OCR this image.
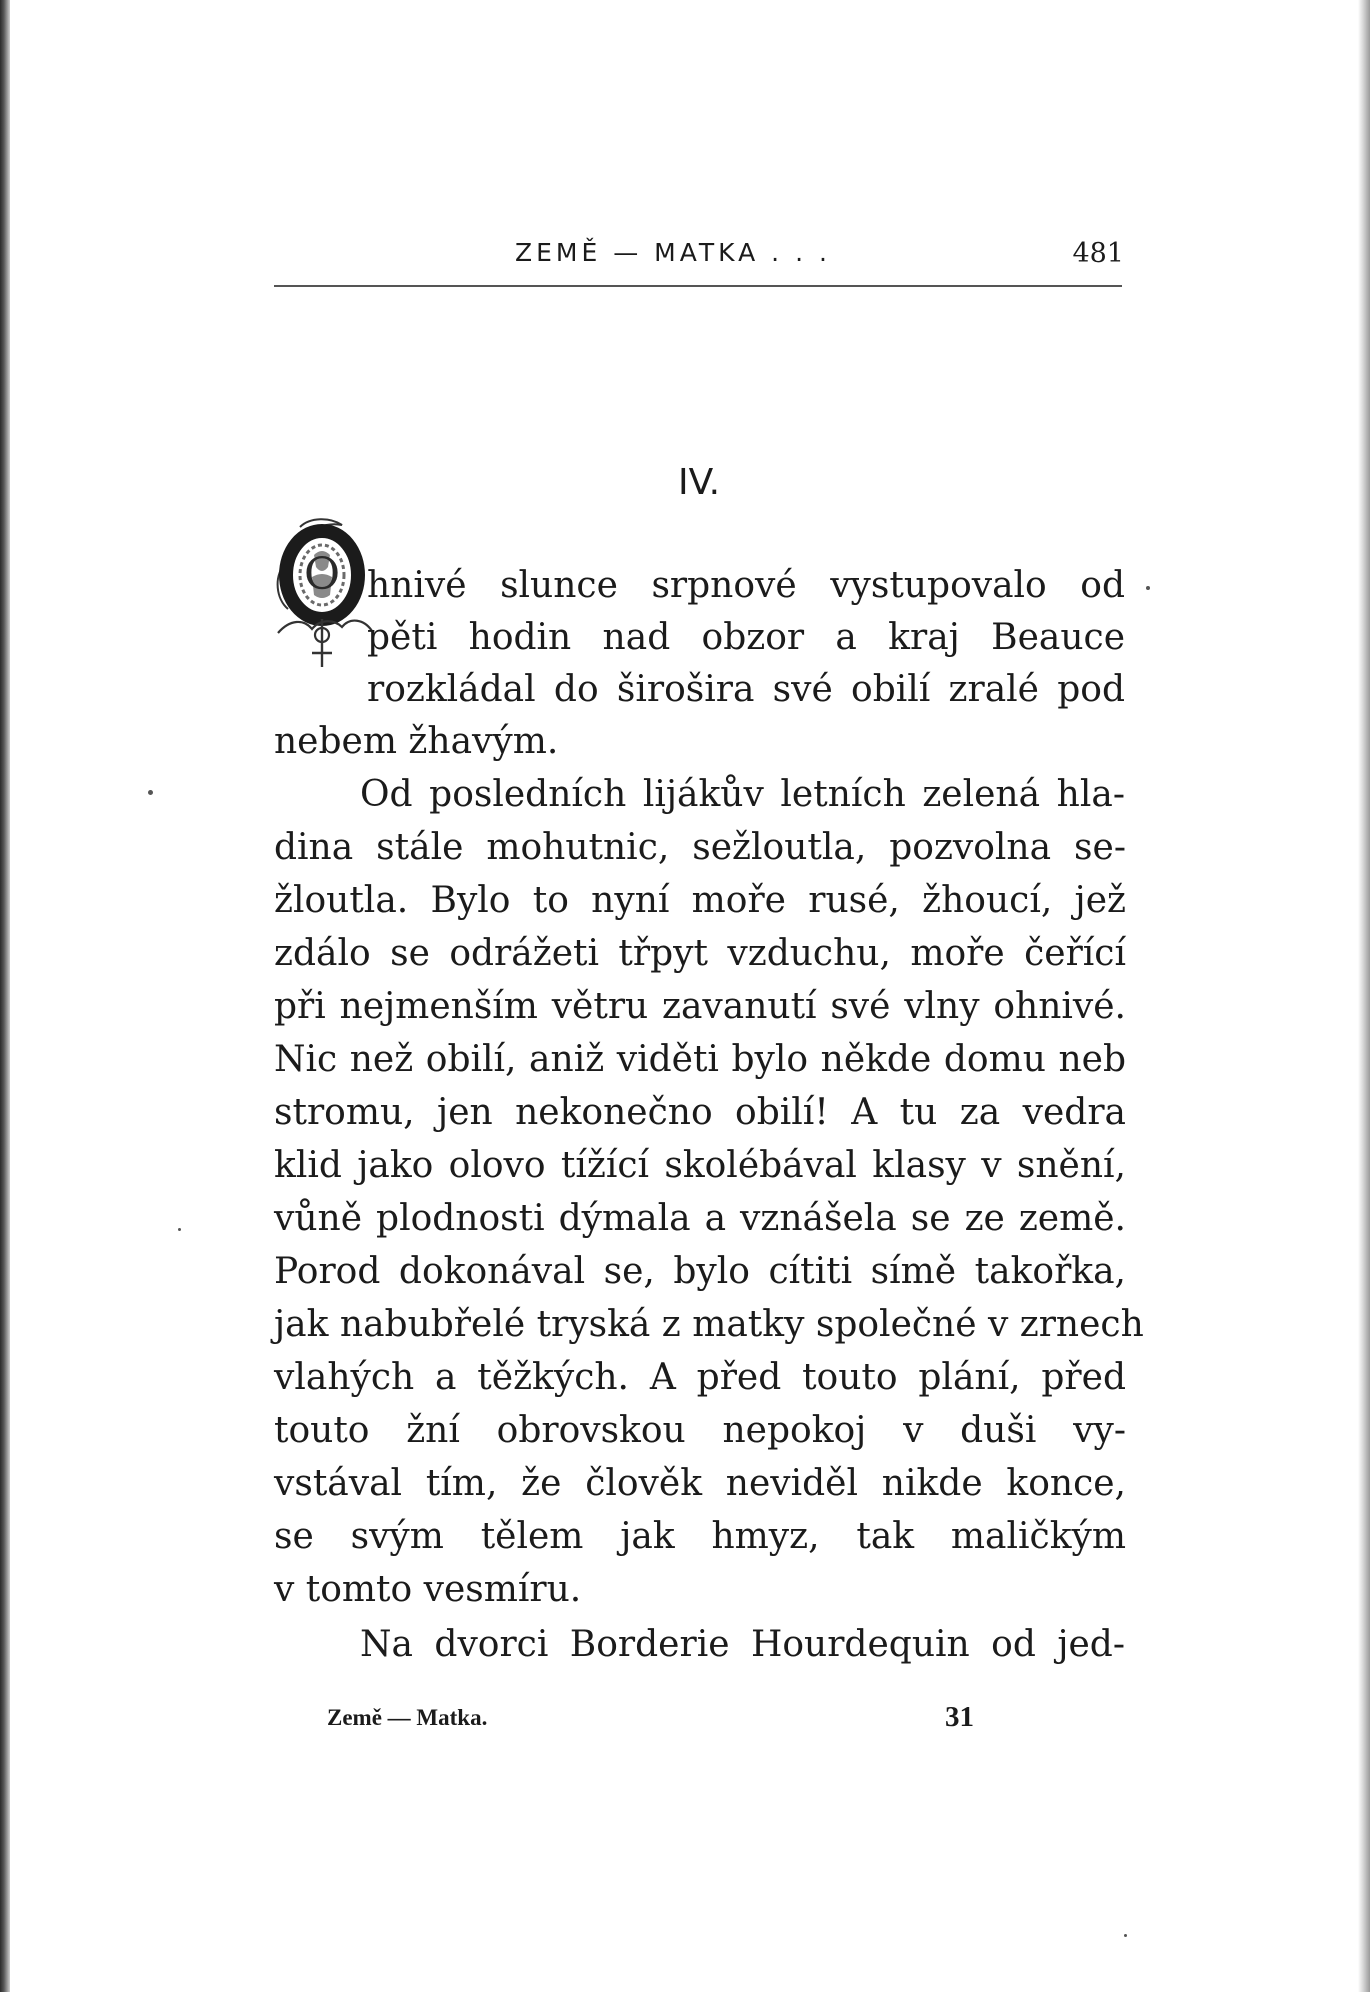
ZEMĚ — MATKA . . .	481
IV.
O hnivé slunce srpnové vystupovalo od
pěti hodin nad obzor a kraj Beauce
rozkládal do širošira své obilí zralé pod
nebem žhavým.
Od posledních lijákův letních zelená hla-
dina stále mohutnic, sežloutla, pozvolna se-
žloutla. Bylo to nyní moře rusé, žhoucí, jež
zdálo se odrážeti třpyt vzduchu, moře čeřící
při nejmenším větru zavanutí své vlny ohnivé.
Nic než obilí, aniž viděti bylo někde domu neb
stromu, jen nekonečno obilí! A tu za vedra
klid jako olovo tížící skolébával klasy v snění,
vůně plodnosti dýmala a vznášela se ze země.
Porod dokonával se, bylo cítiti símě takořka,
jak nabubřelé tryská z matky společné v zrnech
vlahých a těžkých. A před touto plání, před
touto žní obrovskou nepokoj v duši vy-
vstával tím, že člověk neviděl nikde konce,
se svým tělem jak hmyz, tak maličkým
v tomto vesmíru.
Na dvorci Borderie Hourdequin od jed-
Země — Matka.	31
